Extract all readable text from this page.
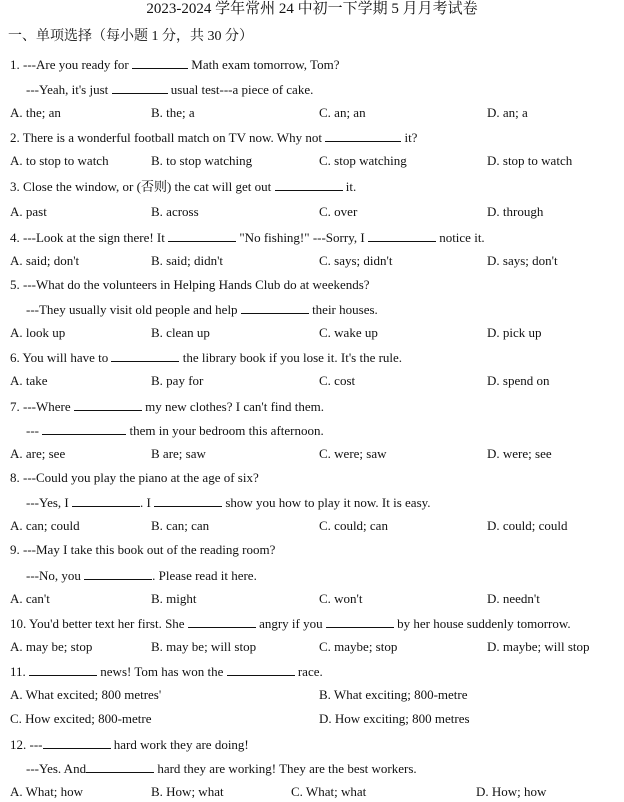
2023-2024 学年常州 24 中初一下学期 5 月月考试卷
一、单项选择（每小题 1 分，共 30 分）
1. ---Are you ready for	Math exam tomorrow, Tom?
---Yeah, it's just	usual test---a piece of cake.
A. the; an	B. the; a	C. an; an	D. an; a
2. There is a wonderful football match on TV now. Why not	it?
A. to stop to watch	B. to stop watching	C. stop watching	D. stop to watch
3. Close the window, or (否则) the cat will get out	it.
A. past	B. across	C. over	D. through
4. ---Look at the sign there! It	"No fishing!" ---Sorry, I	notice it.
A. said; don't	B. said; didn't	C. says; didn't	D. says; don't
5. ---What do the volunteers in Helping Hands Club do at weekends?
---They usually visit old people and help	their houses.
A. look up	B. clean up	C. wake up	D. pick up
6. You will have to	the library book if you lose it. It's the rule.
A. take	B. pay for	C. cost	D. spend on
7. ---Where	my new clothes? I can't find them.
---	them in your bedroom this afternoon.
A. are; see	B are; saw	C. were; saw	D. were; see
8. ---Could you play the piano at the age of six?
---Yes, I	. I	show you how to play it now. It is easy.
A. can; could	B. can; can	C. could; can	D. could; could
9. ---May I take this book out of the reading room?
---No, you	. Please read it here.
A. can't	B. might	C. won't	D. needn't
10. You'd better text her first. She	angry if you	by her house suddenly tomorrow.
A. may be; stop	B. may be; will stop	C. maybe; stop	D. maybe; will stop
11.	news! Tom has won the	race.
A. What excited; 800 metres'	B. What exciting; 800-metre
C. How excited; 800-metre	D. How exciting; 800 metres
12. ---	hard work they are doing!
---Yes. And	hard they are working! They are the best workers.
A. What; how	B. How; what	C. What; what	D. How; how
